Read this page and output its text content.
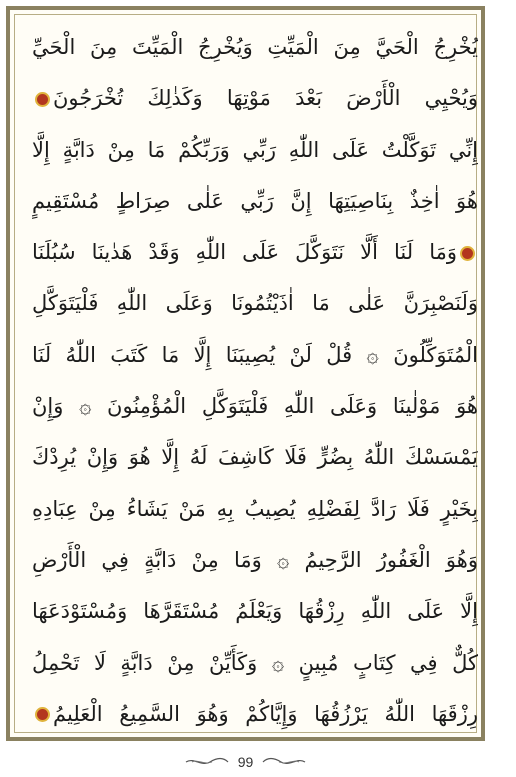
يُخْرِجُ الْحَيَّ مِنَ الْمَيِّتِ وَيُخْرِجُ الْمَيِّتَ مِنَ الْحَيِّ
وَيُحْيِي الْأَرْضَ بَعْدَ مَوْتِهَا وَكَذٰلِكَ تُخْرَجُونَ
إِنِّي تَوَكَّلْتُ عَلَى اللّٰهِ رَبِّي وَرَبِّكُمْ مَا مِنْ دَابَّةٍ إِلَّا
هُوَ اٰخِذٌ بِنَاصِيَتِهَا إِنَّ رَبِّي عَلٰى صِرَاطٍ مُسْتَقِيمٍ
وَمَا لَنَا أَلَّا نَتَوَكَّلَ عَلَى اللّٰهِ وَقَدْ هَدٰينَا سُبُلَنَا
وَلَنَصْبِرَنَّ عَلٰى مَا اٰذَيْتُمُونَا وَعَلَى اللّٰهِ فَلْيَتَوَكَّلِ
الْمُتَوَكِّلُونَ ۞ قُلْ لَنْ يُصِيبَنَا إِلَّا مَا كَتَبَ اللّٰهُ لَنَا
هُوَ مَوْلٰينَا وَعَلَى اللّٰهِ فَلْيَتَوَكَّلِ الْمُؤْمِنُونَ ۞ وَإِنْ
يَمْسَسْكَ اللّٰهُ بِضُرٍّ فَلَا كَاشِفَ لَهُ إِلَّا هُوَ وَإِنْ يُرِدْكَ
بِخَيْرٍ فَلَا رَادَّ لِفَضْلِهِ يُصِيبُ بِهِ مَنْ يَشَاءُ مِنْ عِبَادِهِ
وَهُوَ الْغَفُورُ الرَّحِيمُ ۞ وَمَا مِنْ دَابَّةٍ فِي الْأَرْضِ
إِلَّا عَلَى اللّٰهِ رِزْقُهَا وَيَعْلَمُ مُسْتَقَرَّهَا وَمُسْتَوْدَعَهَا
كُلٌّ فِي كِتَابٍ مُبِينٍ ۞ وَكَأَيِّنْ مِنْ دَابَّةٍ لَا تَحْمِلُ
رِزْقَهَا اللّٰهُ يَرْزُقُهَا وَإِيَّاكُمْ وَهُوَ السَّمِيعُ الْعَلِيمُ
99
